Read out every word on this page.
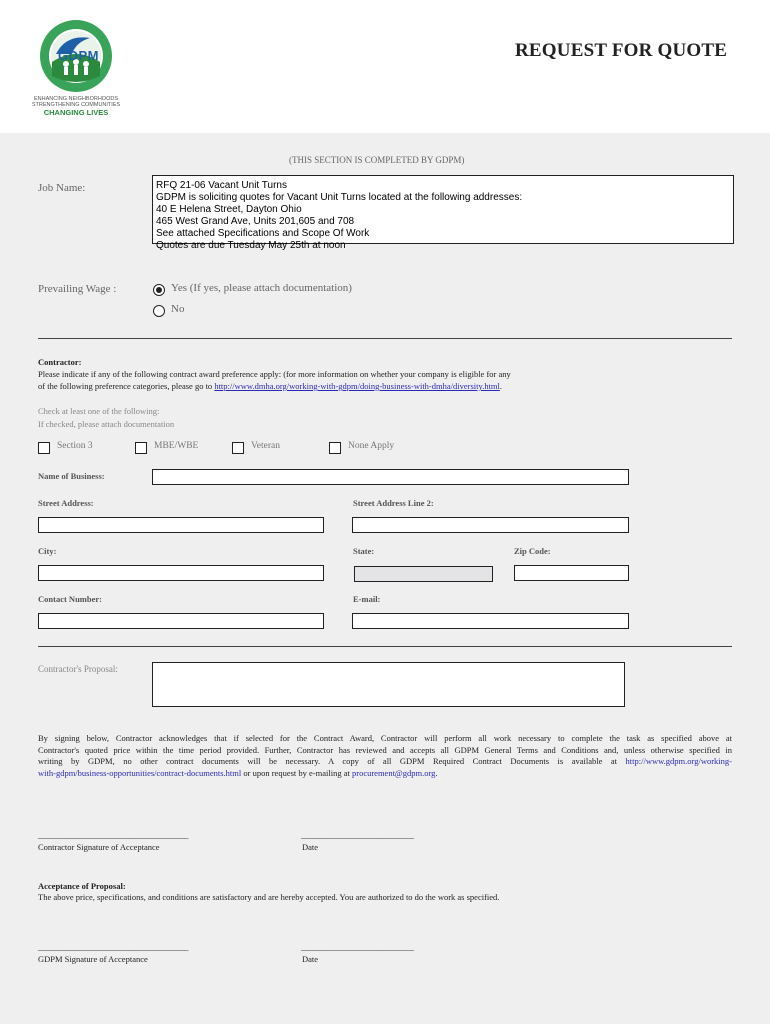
GDPM
ENHANCING NEIGHBORHOODS
STRENGTHENING COMMUNITIES
CHANGING LIVES
REQUEST FOR QUOTE
(THIS SECTION IS COMPLETED BY GDPM)
Job Name:	RFQ 21-06 Vacant Unit Turns
GDPM is soliciting quotes for Vacant Unit Turns located at the following addresses:
40 E Helena Street, Dayton Ohio
465 West Grand Ave, Units 201,605 and 708
See attached Specifications and Scope Of Work
Quotes are due Tuesday May 25th at noon
Prevailing Wage :	Yes (If yes, please attach documentation)
No
Contractor:
Please indicate if any of the following contract award preference apply: (for more information on whether your company is eligible for any
of the following preference categories, please go to http://www.dmha.org/working-with-gdpm/doing-business-with-dmha/diversity.html.
Check at least one of the following:
If checked, please attach documentation
Section 3	MBE/WBE	Veteran	None Apply
Name of Business:
Street Address:	Street Address Line 2:
City:	State:	Zip Code:
Contact Number:	E-mail:
Contractor's Proposal:
By signing below, Contractor acknowledges that if selected for the Contract Award, Contractor will perform all work necessary to complete the task as specified above at
Contractor's quoted price within the time period provided. Further, Contractor has reviewed and accepts all GDPM General Terms and Conditions and, unless otherwise specified in
writing by GDPM, no other contract documents will be necessary. A copy of all GDPM Required Contract Documents is available at http://www.gdpm.org/working-
with-gdpm/business-opportunities/contract-documents.html or upon request by e-mailing at procurement@gdpm.org.
________________________________________	______________________________
Contractor Signature of Acceptance	Date
Acceptance of Proposal:
The above price, specifications, and conditions are satisfactory and are hereby accepted. You are authorized to do the work as specified.
________________________________________	______________________________
GDPM Signature of Acceptance	Date
